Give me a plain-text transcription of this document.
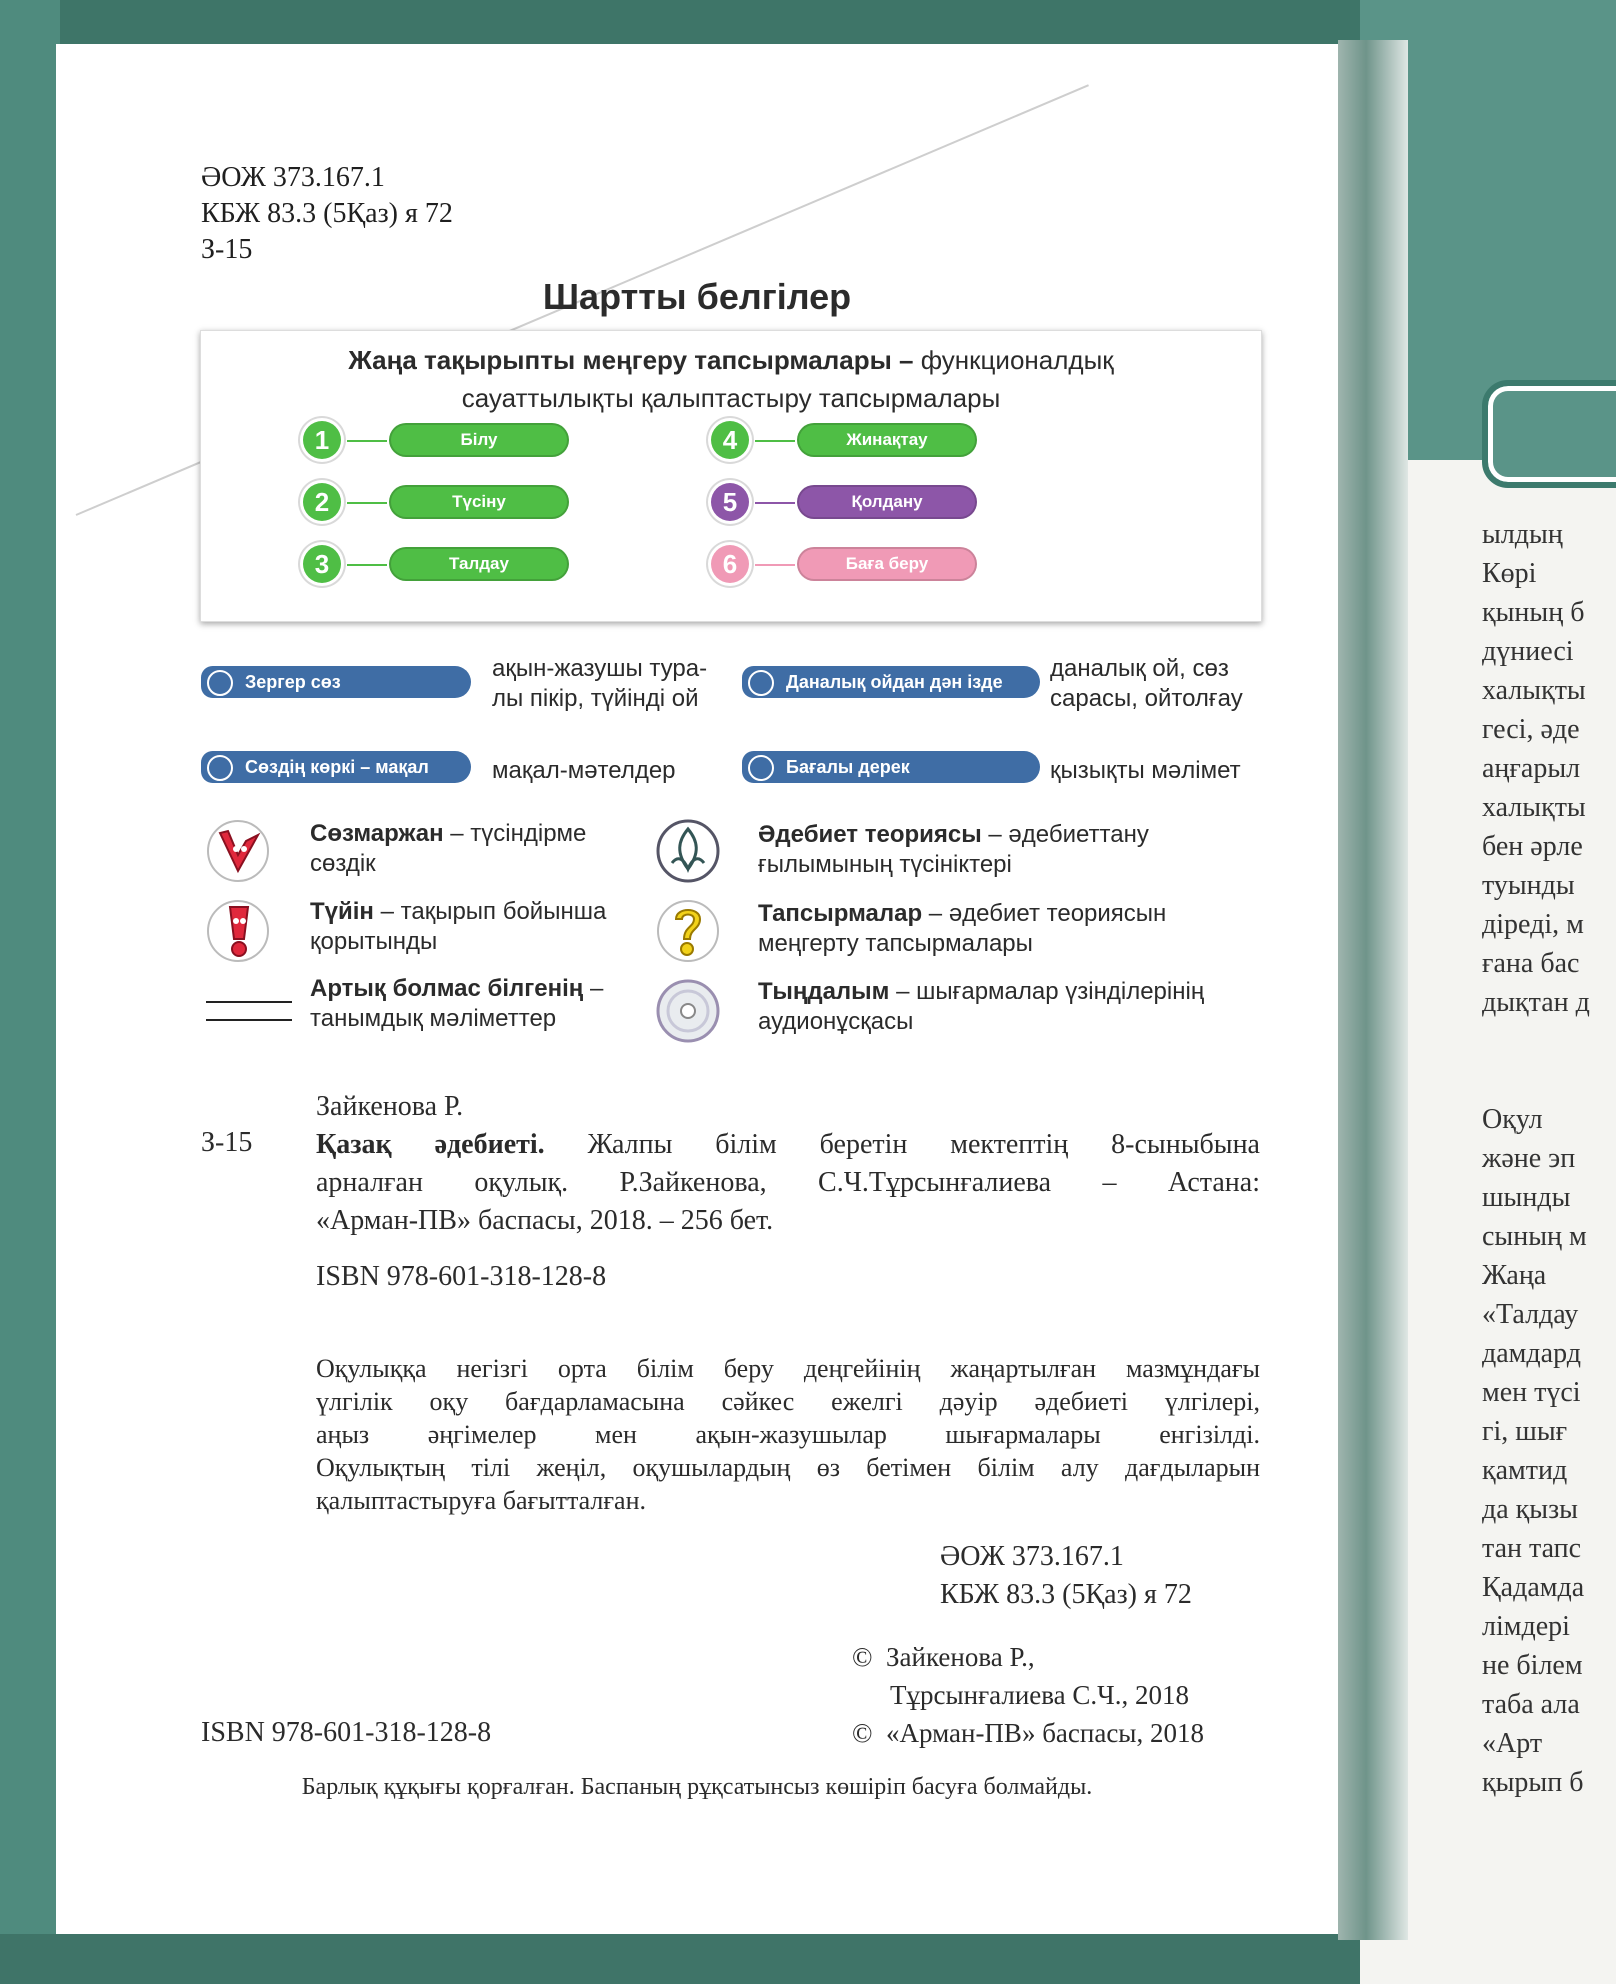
ылдың
Көрі
қының б
дүниесі
халықты
гесі, әде
аңғарыл
халықты
бен әрле
туынды
діреді, м
ғана бас
дықтан д

Оқул
және эп
шынды
сының м
Жаңа
«Талдау
дамдард
мен түсі
гі, шығ
қамтид
да қызы
тан тапс
Қадамда
лімдері
не білем
таба ала
«Арт
қырып б
ӘОЖ 373.167.1
КБЖ 83.3 (5Қаз) я 72
З-15
Шартты белгілер
Жаңа тақырыпты меңгеру тапсырмалары – функционалдық
сауаттылықты қалыптастыру тапсырмалары
1	Білу
2	Түсіну
3	Талдау
4	Жинақтау
5	Қолдану
6	Баға беру
Зергер сөз	ақын-жазушы тура-
лы пікір, түйінді ой
Даналық ойдан дән ізде	даналық ой, сөз
сарасы, ойтолғау
Сөздің көркі – мақал	мақал-мәтелдер	Бағалы дерек	қызықты мәлімет
Сөзмаржан – түсіндірме
сөздік
Түйін – тақырып бойынша
қорытынды
Артық болмас білгенің –
танымдық мәліметтер
Әдебиет теориясы – әдебиеттану
ғылымының түсініктері
Тапсырмалар – әдебиет теориясын
меңгерту тапсырмалары
Тыңдалым – шығармалар үзінділерінің
аудионұсқасы
Зайкенова Р.
З-15 Қазақ әдебиеті. Жалпы білім беретін мектептің 8-сыныбына
арналған оқулық. Р.Зайкенова, С.Ч.Тұрсынғалиева – Астана:
«Арман-ПВ» баспасы, 2018. – 256 бет.
ISBN 978-601-318-128-8
Оқулыққа негізгі орта білім беру деңгейінің жаңартылған мазмұндағы
үлгілік оқу бағдарламасына сәйкес ежелгі дәуір әдебиеті үлгілері,
аңыз әңгімелер мен ақын-жазушылар шығармалары енгізілді.
Оқулықтың тілі жеңіл, оқушылардың өз бетімен білім алу дағдыларын
қалыптастыруға бағытталған.
ӘОЖ 373.167.1
КБЖ 83.3 (5Қаз) я 72
© Зайкенова Р.,
Тұрсынғалиева С.Ч., 2018
© «Арман-ПВ» баспасы, 2018
ISBN 978-601-318-128-8
Барлық құқығы қорғалған. Баспаның рұқсатынсыз көшіріп басуға болмайды.
